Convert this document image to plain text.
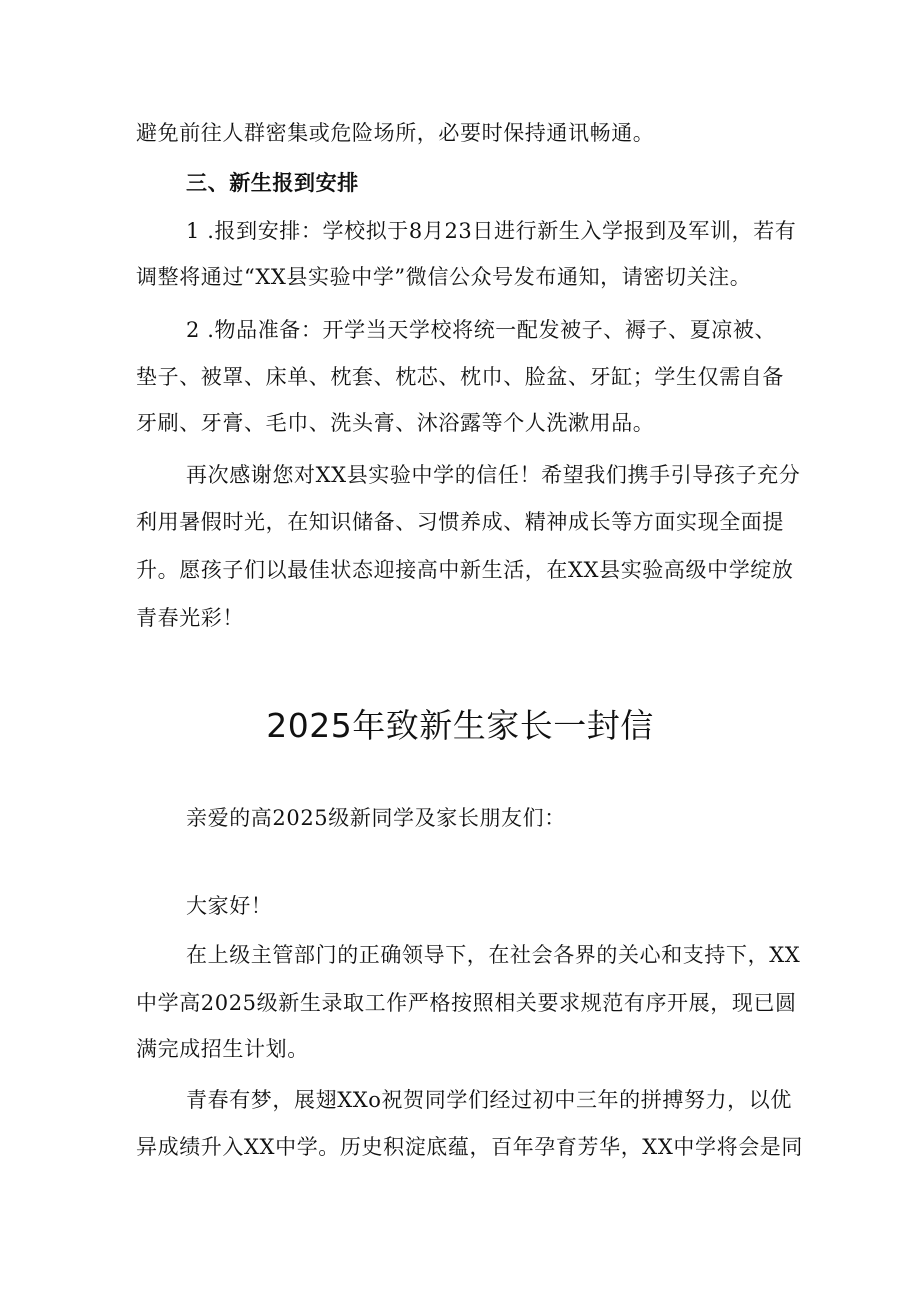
避免前往人群密集或危险场所，必要时保持通讯畅通。
三、新生报到安排
1 .报到安排：学校拟于8月23日进行新生入学报到及军训，若有
调整将通过“XX县实验中学”微信公众号发布通知，请密切关注。
2 .物品准备：开学当天学校将统一配发被子、褥子、夏凉被、
垫子、被罩、床单、枕套、枕芯、枕巾、脸盆、牙缸；学生仅需自备
牙刷、牙膏、毛巾、洗头膏、沐浴露等个人洗漱用品。
再次感谢您对XX县实验中学的信任！希望我们携手引导孩子充分
利用暑假时光，在知识储备、习惯养成、精神成长等方面实现全面提
升。愿孩子们以最佳状态迎接高中新生活，在XX县实验高级中学绽放
青春光彩！
2025年致新生家长一封信
亲爱的高2025级新同学及家长朋友们：
大家好！
在上级主管部门的正确领导下，在社会各界的关心和支持下，XX
中学高2025级新生录取工作严格按照相关要求规范有序开展，现已圆
满完成招生计划。
青春有梦，展翅XXo祝贺同学们经过初中三年的拼搏努力，以优
异成绩升入XX中学。历史积淀底蕴，百年孕育芳华，XX中学将会是同
